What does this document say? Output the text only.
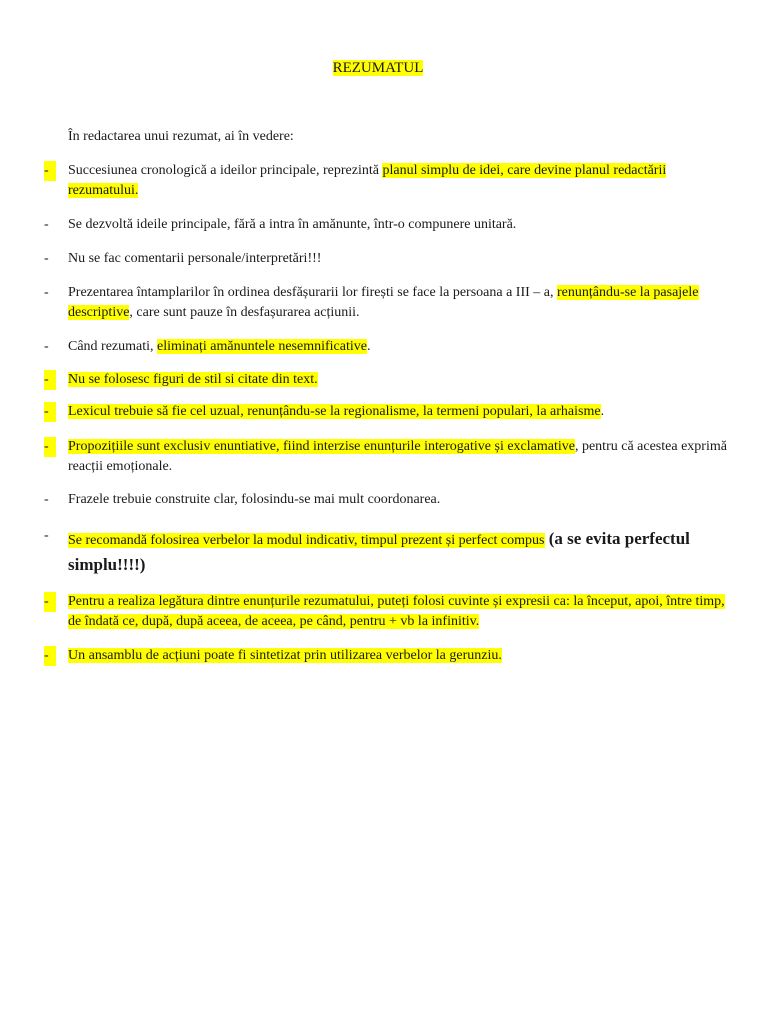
REZUMATUL
În redactarea unui rezumat, ai în vedere:
-	Succesiunea cronologică a ideilor principale, reprezintă planul simplu de idei, care devine planul redactării rezumatului.
-	Se dezvoltă ideile principale, fără a intra în amănunte, într-o compunere unitară.
-	Nu se fac comentarii personale/interpretări!!!
-	Prezentarea întamplarilor în ordinea desfășurarii lor firești se face la persoana a III – a, renunțându-se la pasajele descriptive, care sunt pauze în desfașurarea acțiunii.
-	Când rezumati, eliminați amănuntele nesemnificative.
-	Nu se folosesc figuri de stil si citate din text.
-	Lexicul trebuie să fie cel uzual, renunțându-se la regionalisme, la termeni populari, la arhaisme.
-	Propozițiile sunt exclusiv enuntiative, fiind interzise enunțurile interogative și exclamative, pentru că acestea exprimă reacții emoționale.
-	Frazele trebuie construite clar, folosindu-se mai mult coordonarea.
-	Se recomandă folosirea verbelor la modul indicativ, timpul prezent și perfect compus (a se evita perfectul simplu!!!!)
-	Pentru a realiza legătura dintre enunțurile rezumatului, puteți folosi cuvinte și expresii ca: la început, apoi, între timp, de îndată ce, după, după aceea, de aceea, pe când, pentru + vb la infinitiv.
-	Un ansamblu de acțiuni poate fi sintetizat prin utilizarea verbelor la gerunziu.
